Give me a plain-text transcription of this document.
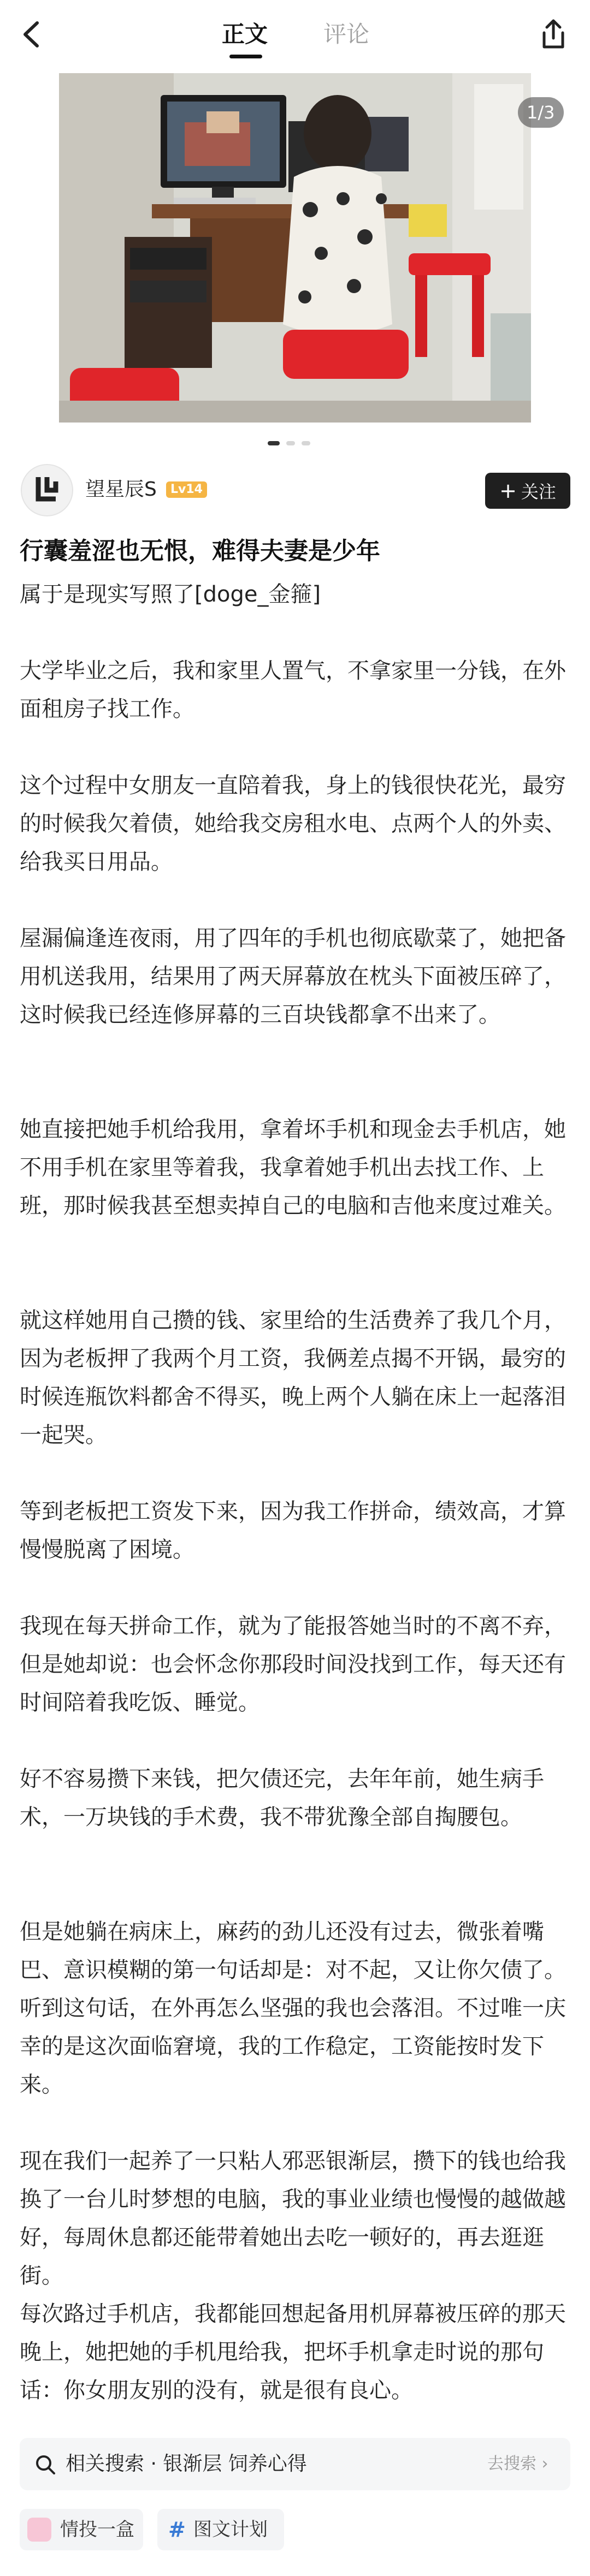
正文 评论
1/3
望星辰S	Lv14	+ 关注
行囊羞涩也无恨，难得夫妻是少年

属于是现实写照了[doge_金箍]

大学毕业之后，我和家里人置气，不拿家里一分钱，在外面租房子找工作。

这个过程中女朋友一直陪着我，身上的钱很快花光，最穷的时候我欠着债，她给我交房租水电、点两个人的外卖、给我买日用品。

屋漏偏逢连夜雨，用了四年的手机也彻底歇菜了，她把备用机送我用，结果用了两天屏幕放在枕头下面被压碎了，这时候我已经连修屏幕的三百块钱都拿不出来了。

她直接把她手机给我用，拿着坏手机和现金去手机店，她不用手机在家里等着我，我拿着她手机出去找工作、上班，那时候我甚至想卖掉自己的电脑和吉他来度过难关。

就这样她用自己攒的钱、家里给的生活费养了我几个月，因为老板押了我两个月工资，我俩差点揭不开锅，最穷的时候连瓶饮料都舍不得买，晚上两个人躺在床上一起落泪一起哭。

等到老板把工资发下来，因为我工作拼命，绩效高，才算慢慢脱离了困境。

我现在每天拼命工作，就为了能报答她当时的不离不弃，但是她却说：也会怀念你那段时间没找到工作，每天还有时间陪着我吃饭、睡觉。

好不容易攒下来钱，把欠债还完，去年年前，她生病手术，一万块钱的手术费，我不带犹豫全部自掏腰包。

但是她躺在病床上，麻药的劲儿还没有过去，微张着嘴巴、意识模糊的第一句话却是：对不起，又让你欠债了。听到这句话，在外再怎么坚强的我也会落泪。不过唯一庆幸的是这次面临窘境，我的工作稳定，工资能按时发下来。

现在我们一起养了一只粘人邪恶银渐层，攒下的钱也给我换了一台儿时梦想的电脑，我的事业业绩也慢慢的越做越好，每周休息都还能带着她出去吃一顿好的，再去逛逛街。

每次路过手机店，我都能回想起备用机屏幕被压碎的那天晚上，她把她的手机甩给我，把坏手机拿走时说的那句话：你女朋友别的没有，就是很有良心。

相关搜索 · 银渐层 饲养心得	去搜索 ›
情投一盒 # 图文计划
